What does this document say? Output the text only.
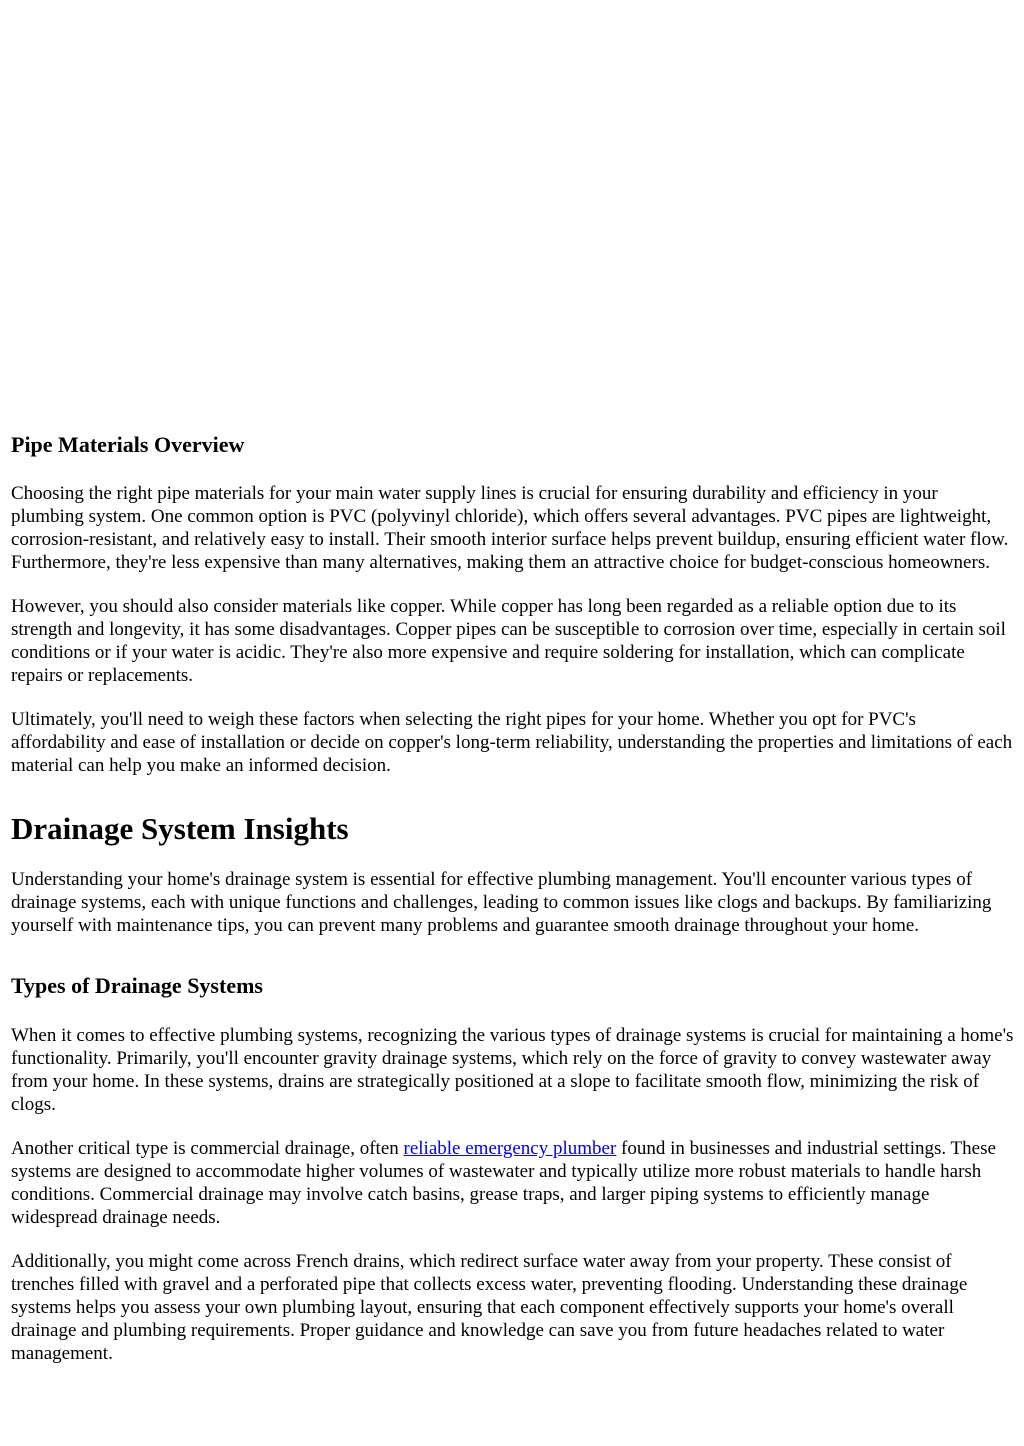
Pipe Materials Overview

Choosing the right pipe materials for your main water supply lines is crucial for ensuring durability and efficiency in your plumbing system. One common option is PVC (polyvinyl chloride), which offers several advantages. PVC pipes are lightweight, corrosion-resistant, and relatively easy to install. Their smooth interior surface helps prevent buildup, ensuring efficient water flow. Furthermore, they're less expensive than many alternatives, making them an attractive choice for budget-conscious homeowners.

However, you should also consider materials like copper. While copper has long been regarded as a reliable option due to its strength and longevity, it has some disadvantages. Copper pipes can be susceptible to corrosion over time, especially in certain soil conditions or if your water is acidic. They're also more expensive and require soldering for installation, which can complicate repairs or replacements.

Ultimately, you'll need to weigh these factors when selecting the right pipes for your home. Whether you opt for PVC's affordability and ease of installation or decide on copper's long-term reliability, understanding the properties and limitations of each material can help you make an informed decision.

Drainage System Insights

Understanding your home's drainage system is essential for effective plumbing management. You'll encounter various types of drainage systems, each with unique functions and challenges, leading to common issues like clogs and backups. By familiarizing yourself with maintenance tips, you can prevent many problems and guarantee smooth drainage throughout your home.

Types of Drainage Systems

When it comes to effective plumbing systems, recognizing the various types of drainage systems is crucial for maintaining a home's functionality. Primarily, you'll encounter gravity drainage systems, which rely on the force of gravity to convey wastewater away from your home. In these systems, drains are strategically positioned at a slope to facilitate smooth flow, minimizing the risk of clogs.

Another critical type is commercial drainage, often reliable emergency plumber found in businesses and industrial settings. These systems are designed to accommodate higher volumes of wastewater and typically utilize more robust materials to handle harsh conditions. Commercial drainage may involve catch basins, grease traps, and larger piping systems to efficiently manage widespread drainage needs.

Additionally, you might come across French drains, which redirect surface water away from your property. These consist of trenches filled with gravel and a perforated pipe that collects excess water, preventing flooding. Understanding these drainage systems helps you assess your own plumbing layout, ensuring that each component effectively supports your home's overall drainage and plumbing requirements. Proper guidance and knowledge can save you from future headaches related to water management.
